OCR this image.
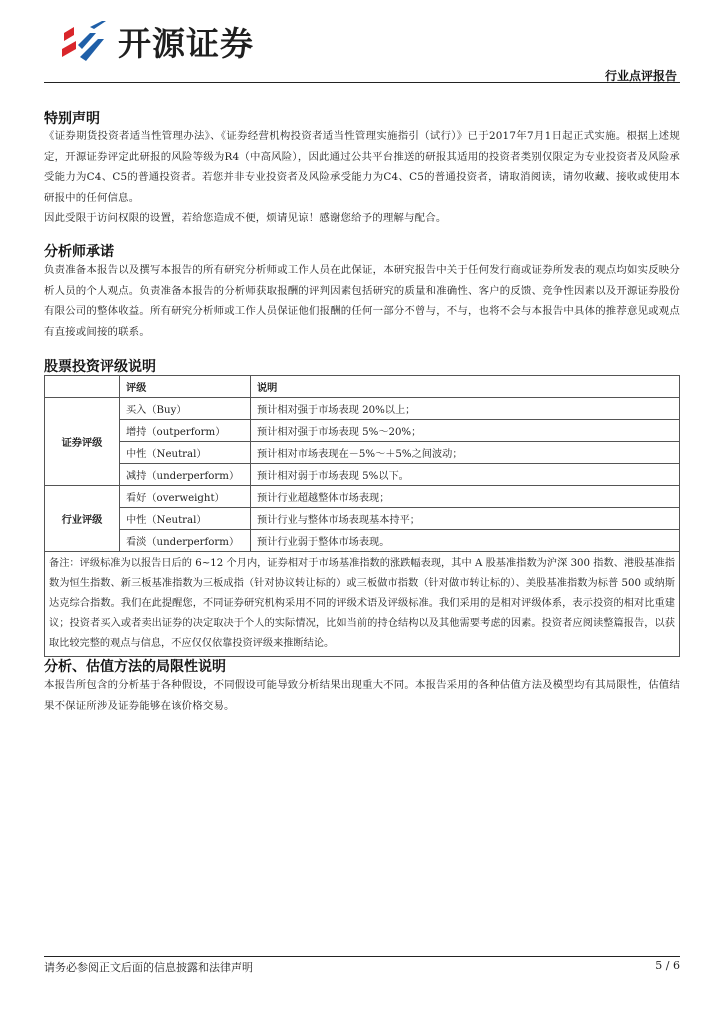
开源证券
行业点评报告
特别声明

《证券期货投资者适当性管理办法》、《证券经营机构投资者适当性管理实施指引（试行）》已于2017年7月1日起正式实施。根据上述规定，开源证券评定此研报的风险等级为R4（中高风险），因此通过公共平台推送的研报其适用的投资者类别仅限定为专业投资者及风险承受能力为C4、C5的普通投资者。若您并非专业投资者及风险承受能力为C4、C5的普通投资者，请取消阅读，请勿收藏、接收或使用本研报中的任何信息。

因此受限于访问权限的设置，若给您造成不便，烦请见谅！感谢您给予的理解与配合。

分析师承诺

负责准备本报告以及撰写本报告的所有研究分析师或工作人员在此保证，本研究报告中关于任何发行商或证券所发表的观点均如实反映分析人员的个人观点。负责准备本报告的分析师获取报酬的评判因素包括研究的质量和准确性、客户的反馈、竞争性因素以及开源证券股份有限公司的整体收益。所有研究分析师或工作人员保证他们报酬的任何一部分不曾与，不与，也将不会与本报告中具体的推荐意见或观点有直接或间接的联系。

股票投资评级说明
	评级	说明
证券评级	买入（Buy）	预计相对强于市场表现 20%以上；
	增持（outperform）	预计相对强于市场表现 5%～20%；
	中性（Neutral）	预计相对市场表现在－5%～＋5%之间波动；
	减持（underperform）	预计相对弱于市场表现 5%以下。
行业评级	看好（overweight）	预计行业超越整体市场表现；
	中性（Neutral）	预计行业与整体市场表现基本持平；
	看淡（underperform）	预计行业弱于整体市场表现。
备注：评级标准为以报告日后的 6~12 个月内，证券相对于市场基准指数的涨跌幅表现，其中 A 股基准指数为沪深 300 指数、港股基准指数为恒生指数、新三板基准指数为三板成指（针对协议转让标的）或三板做市指数（针对做市转让标的）、美股基准指数为标普 500 或纳斯达克综合指数。我们在此提醒您，不同证券研究机构采用不同的评级术语及评级标准。我们采用的是相对评级体系，表示投资的相对比重建议；投资者买入或者卖出证券的决定取决于个人的实际情况，比如当前的持仓结构以及其他需要考虑的因素。投资者应阅读整篇报告，以获取比较完整的观点与信息，不应仅仅依靠投资评级来推断结论。		
分析、估值方法的局限性说明

本报告所包含的分析基于各种假设，不同假设可能导致分析结果出现重大不同。本报告采用的各种估值方法及模型均有其局限性，估值结果不保证所涉及证券能够在该价格交易。

请务必参阅正文后面的信息披露和法律声明	5 / 6
